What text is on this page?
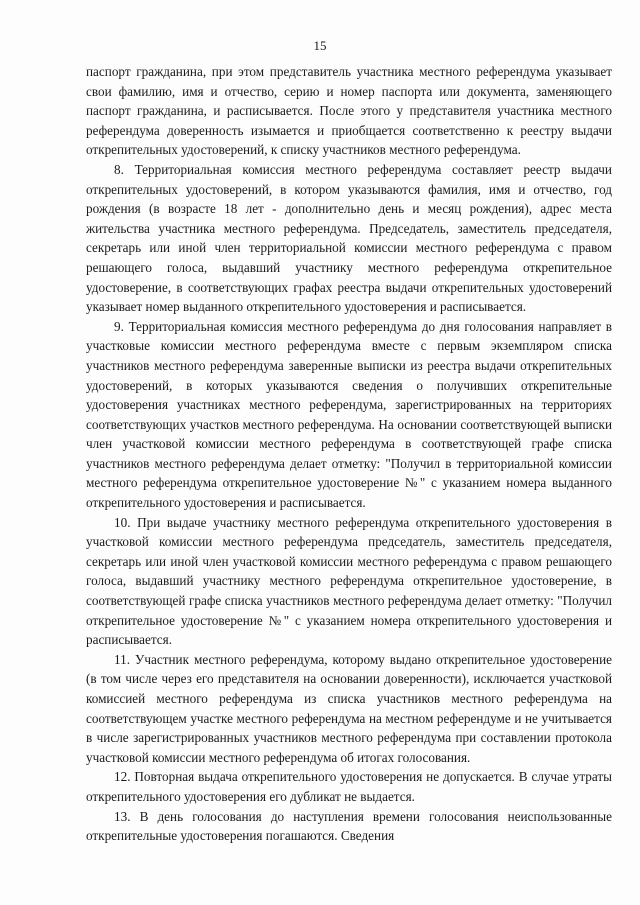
15

паспорт гражданина, при этом представитель участника местного референдума указывает свои фамилию, имя и отчество, серию и номер паспорта или документа, заменяющего паспорт гражданина, и расписывается. После этого у представителя участника местного референдума доверенность изымается и приобщается соответственно к реестру выдачи открепительных удостоверений, к списку участников местного референдума.

8. Территориальная комиссия местного референдума составляет реестр выдачи открепительных удостоверений, в котором указываются фамилия, имя и отчество, год рождения (в возрасте 18 лет - дополнительно день и месяц рождения), адрес места жительства участника местного референдума. Председатель, заместитель председателя, секретарь или иной член территориальной комиссии местного референдума с правом решающего голоса, выдавший участнику местного референдума открепительное удостоверение, в соответствующих графах реестра выдачи открепительных удостоверений указывает номер выданного открепительного удостоверения и расписывается.

9. Территориальная комиссия местного референдума до дня голосования направляет в участковые комиссии местного референдума вместе с первым экземпляром списка участников местного референдума заверенные выписки из реестра выдачи открепительных удостоверений, в которых указываются сведения о получивших открепительные удостоверения участниках местного референдума, зарегистрированных на территориях соответствующих участков местного референдума. На основании соответствующей выписки член участковой комиссии местного референдума в соответствующей графе списка участников местного референдума делает отметку: "Получил в территориальной комиссии местного референдума открепительное удостоверение №" с указанием номера выданного открепительного удостоверения и расписывается.

10. При выдаче участнику местного референдума открепительного удостоверения в участковой комиссии местного референдума председатель, заместитель председателя, секретарь или иной член участковой комиссии местного референдума с правом решающего голоса, выдавший участнику местного референдума открепительное удостоверение, в соответствующей графе списка участников местного референдума делает отметку: "Получил открепительное удостоверение №" с указанием номера открепительного удостоверения и расписывается.

11. Участник местного референдума, которому выдано открепительное удостоверение (в том числе через его представителя на основании доверенности), исключается участковой комиссией местного референдума из списка участников местного референдума на соответствующем участке местного референдума на местном референдуме и не учитывается в числе зарегистрированных участников местного референдума при составлении протокола участковой комиссии местного референдума об итогах голосования.

12. Повторная выдача открепительного удостоверения не допускается. В случае утраты открепительного удостоверения его дубликат не выдается.

13. В день голосования до наступления времени голосования неиспользованные открепительные удостоверения погашаются. Сведения
